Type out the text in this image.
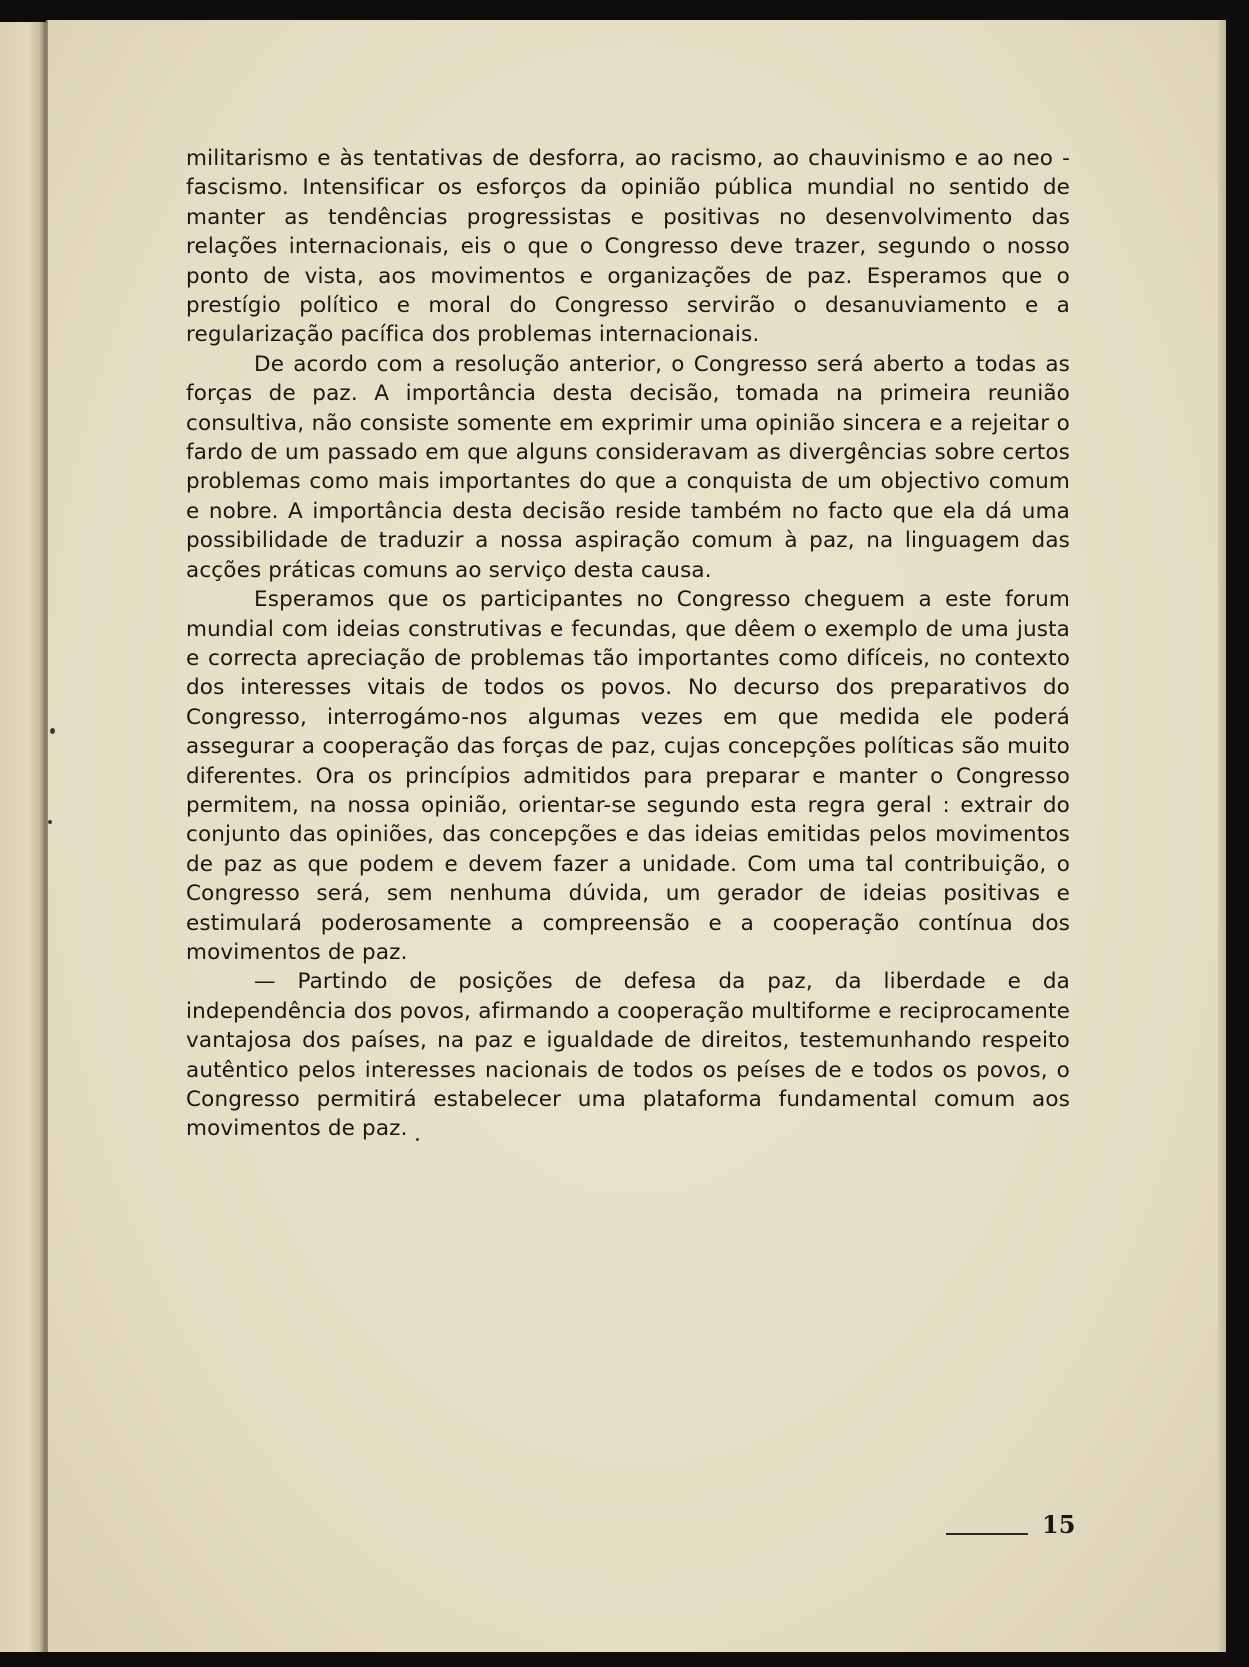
militarismo e às tentativas de desforra, ao racismo, ao chauvinismo e ao neo - fascismo. Intensificar os esforços da opinião pública mundial no sentido de manter as tendências progressistas e positivas no desenvolvimento das relações internacionais, eis o que o Congresso deve trazer, segundo o nosso ponto de vista, aos movimentos e organizações de paz. Esperamos que o prestígio político e moral do Congresso servirão o desanuviamento e a regularização pacífica dos problemas internacionais.

De acordo com a resolução anterior, o Congresso será aberto a todas as forças de paz. A importância desta decisão, tomada na primeira reunião consultiva, não consiste somente em exprimir uma opinião sincera e a rejeitar o fardo de um passado em que alguns consideravam as divergências sobre certos problemas como mais importantes do que a conquista de um objectivo comum e nobre. A importância desta decisão reside também no facto que ela dá uma possibilidade de traduzir a nossa aspiração comum à paz, na linguagem das acções práticas comuns ao serviço desta causa.

Esperamos que os participantes no Congresso cheguem a este forum mundial com ideias construtivas e fecundas, que dêem o exemplo de uma justa e correcta apreciação de problemas tão importantes como difíceis, no contexto dos interesses vitais de todos os povos. No decurso dos preparativos do Congresso, interrogámo-nos algumas vezes em que medida ele poderá assegurar a cooperação das forças de paz, cujas concepções políticas são muito diferentes. Ora os princípios admitidos para preparar e manter o Congresso permitem, na nossa opinião, orientar-se segundo esta regra geral : extrair do conjunto das opiniões, das concepções e das ideias emitidas pelos movimentos de paz as que podem e devem fazer a unidade. Com uma tal contribuição, o Congresso será, sem nenhuma dúvida, um gerador de ideias positivas e estimulará poderosamente a compreensão e a cooperação contínua dos movimentos de paz.

— Partindo de posições de defesa da paz, da liberdade e da independência dos povos, afirmando a cooperação multiforme e reciprocamente vantajosa dos países, na paz e igualdade de direitos, testemunhando respeito autêntico pelos interesses nacionais de todos os peíses de e todos os povos, o Congresso permitirá estabelecer uma plataforma fundamental comum aos movimentos de paz.

15
